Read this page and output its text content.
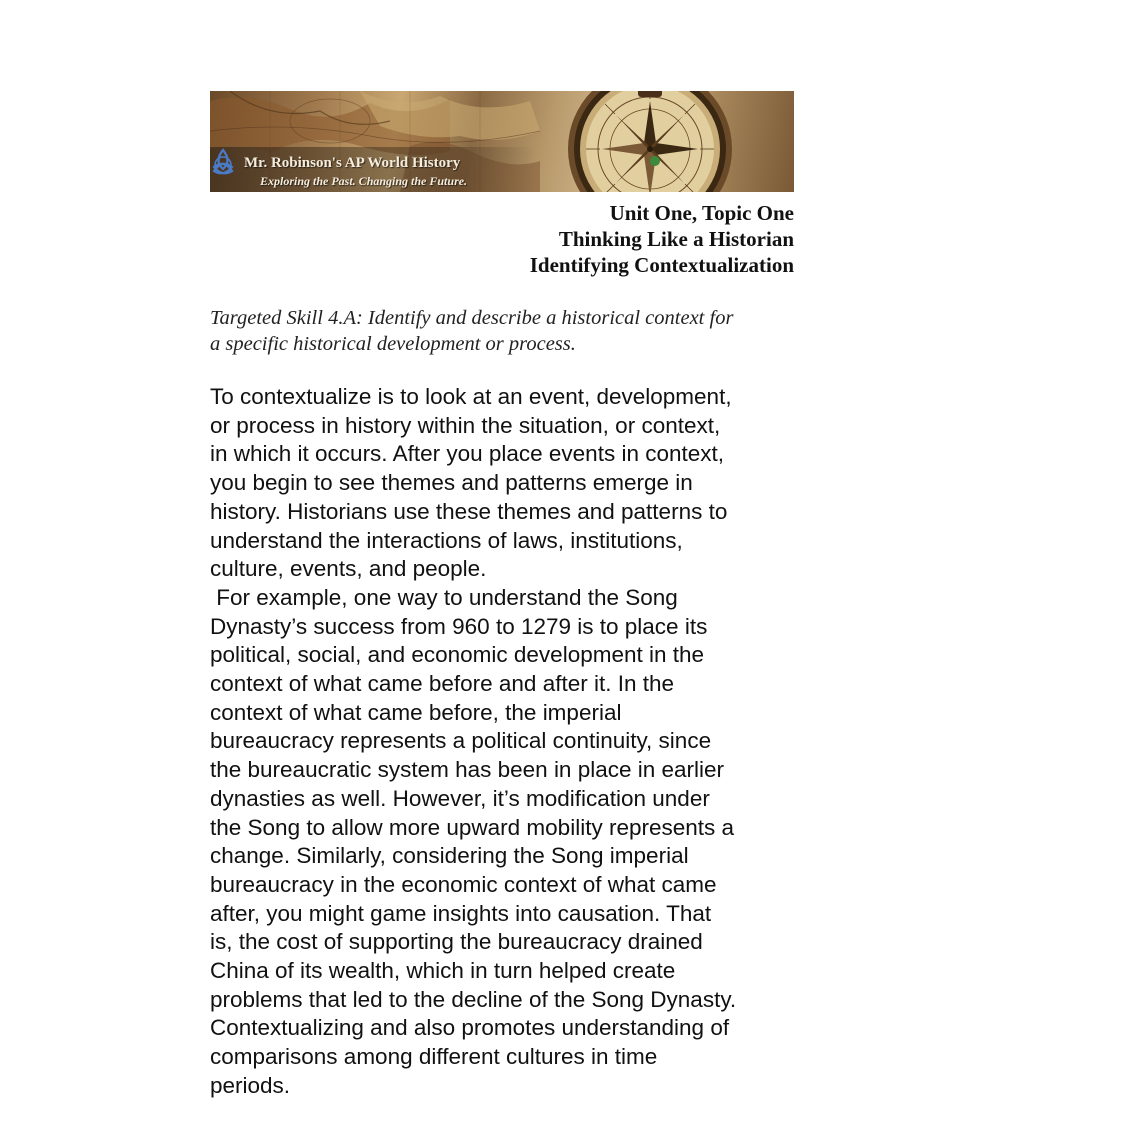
Mr. Robinson's AP World History
Exploring the Past. Changing the Future.
Unit One, Topic One
Thinking Like a Historian
Identifying Contextualization
Targeted Skill 4.A: Identify and describe a historical context for
a specific historical development or process.
To contextualize is to look at an event, development,
or process in history within the situation, or context,
in which it occurs. After you place events in context,
you begin to see themes and patterns emerge in
history. Historians use these themes and patterns to
understand the interactions of laws, institutions,
culture, events, and people.
For example, one way to understand the Song
Dynasty’s success from 960 to 1279 is to place its
political, social, and economic development in the
context of what came before and after it. In the
context of what came before, the imperial
bureaucracy represents a political continuity, since
the bureaucratic system has been in place in earlier
dynasties as well. However, it’s modification under
the Song to allow more upward mobility represents a
change. Similarly, considering the Song imperial
bureaucracy in the economic context of what came
after, you might game insights into causation. That
is, the cost of supporting the bureaucracy drained
China of its wealth, which in turn helped create
problems that led to the decline of the Song Dynasty.
Contextualizing and also promotes understanding of
comparisons among different cultures in time
periods.
